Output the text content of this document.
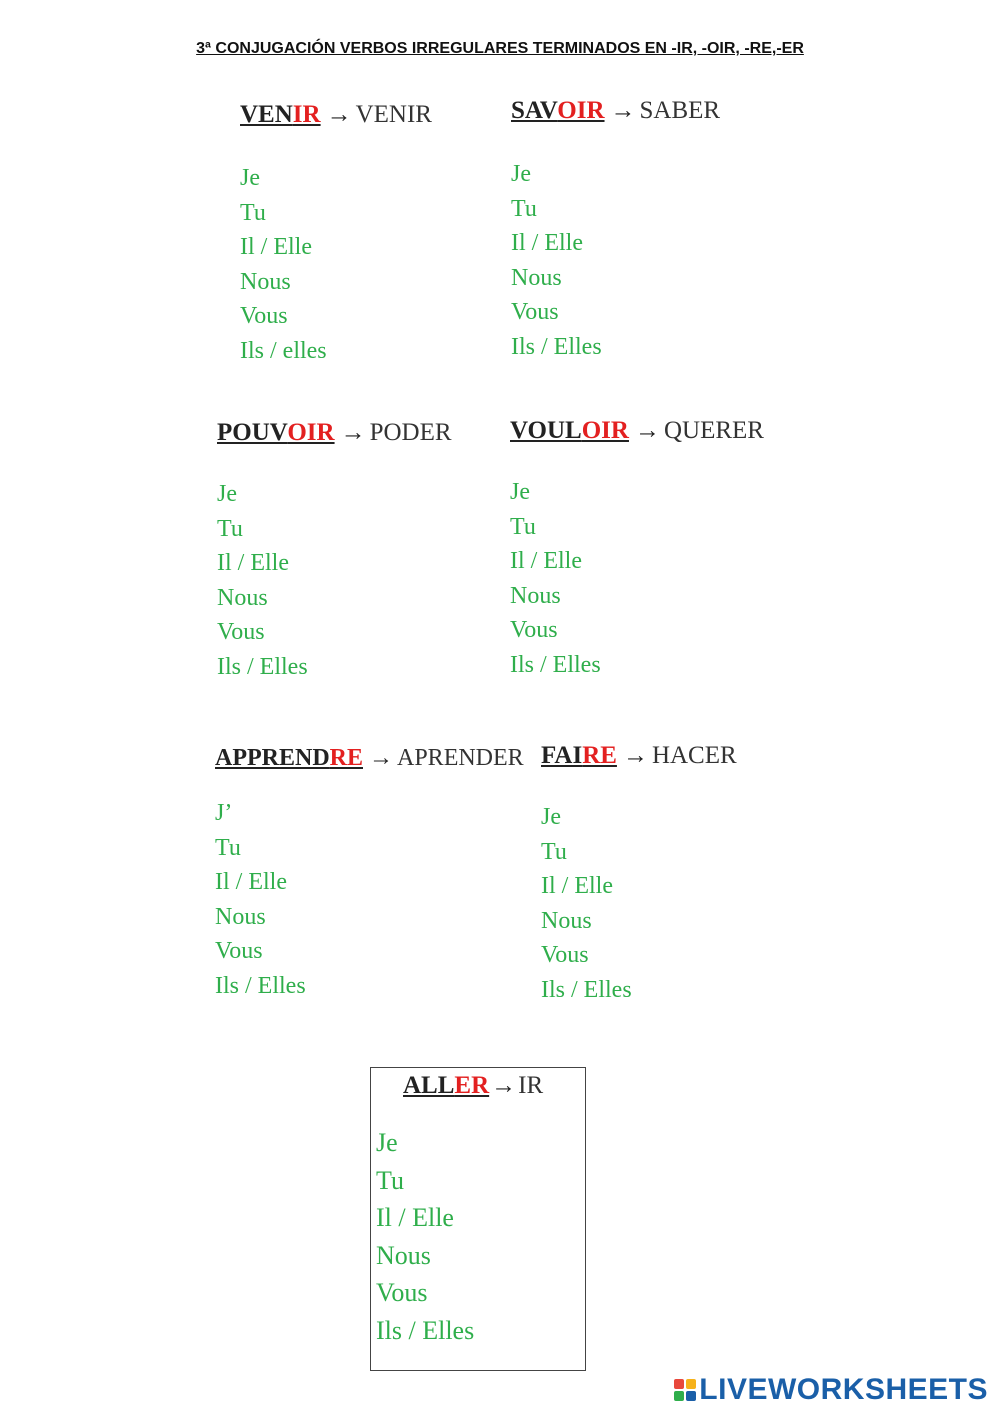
3ª CONJUGACIÓN VERBOS IRREGULARES TERMINADOS EN -IR, -OIR, -RE,-ER
VENIR → VENIR
Je
Tu
Il / Elle
Nous
Vous
Ils / elles
SAVOIR → SABER
Je
Tu
Il / Elle
Nous
Vous
Ils / Elles
POUVOIR → PODER
Je
Tu
Il / Elle
Nous
Vous
Ils / Elles
VOULOIR → QUERER
Je
Tu
Il / Elle
Nous
Vous
Ils / Elles
APPRENDRE → APRENDER
J’
Tu
Il / Elle
Nous
Vous
Ils / Elles
FAIRE → HACER
Je
Tu
Il / Elle
Nous
Vous
Ils / Elles
ALLER→IR
Je
Tu
Il / Elle
Nous
Vous
Ils / Elles
LIVEWORKSHEETS
